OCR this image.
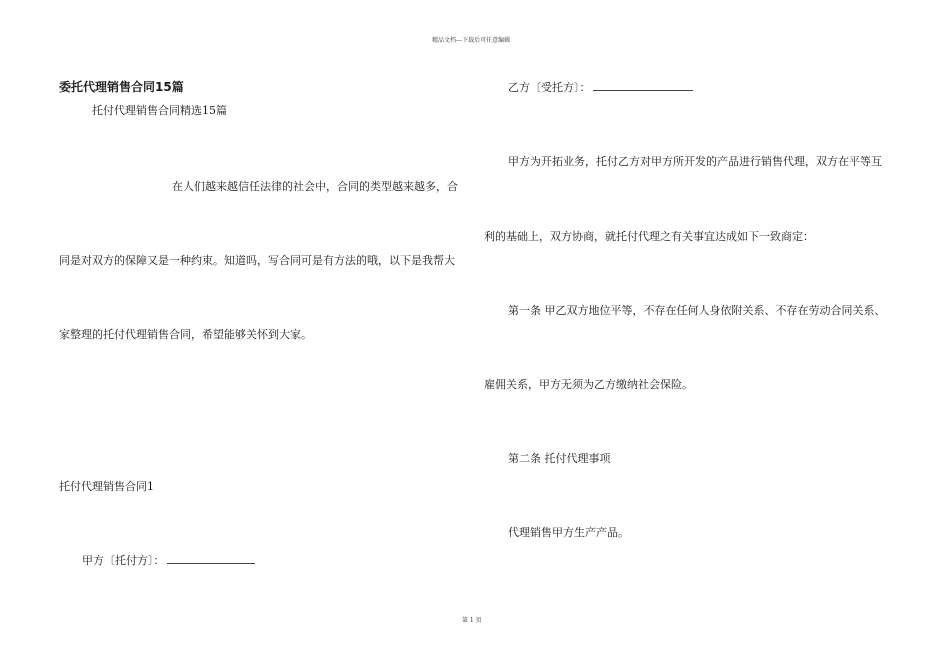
精品文档---下载后可任意编辑
委托代理销售合同15篇
托付代理销售合同精选15篇
在人们越来越信任法律的社会中，合同的类型越来越多，合
同是对双方的保障又是一种约束。知道吗，写合同可是有方法的哦，以下是我帮大
家整理的托付代理销售合同，希望能够关怀到大家。
托付代理销售合同1
甲方〔托付方〕：
乙方〔受托方〕：
甲方为开拓业务，托付乙方对甲方所开发的产品进行销售代理，双方在平等互
利的基础上，双方协商，就托付代理之有关事宜达成如下一致商定：
第一条 甲乙双方地位平等，不存在任何人身依附关系、不存在劳动合同关系、
雇佣关系，甲方无须为乙方缴纳社会保险。
第二条 托付代理事项
代理销售甲方生产产品。
第 1 页
